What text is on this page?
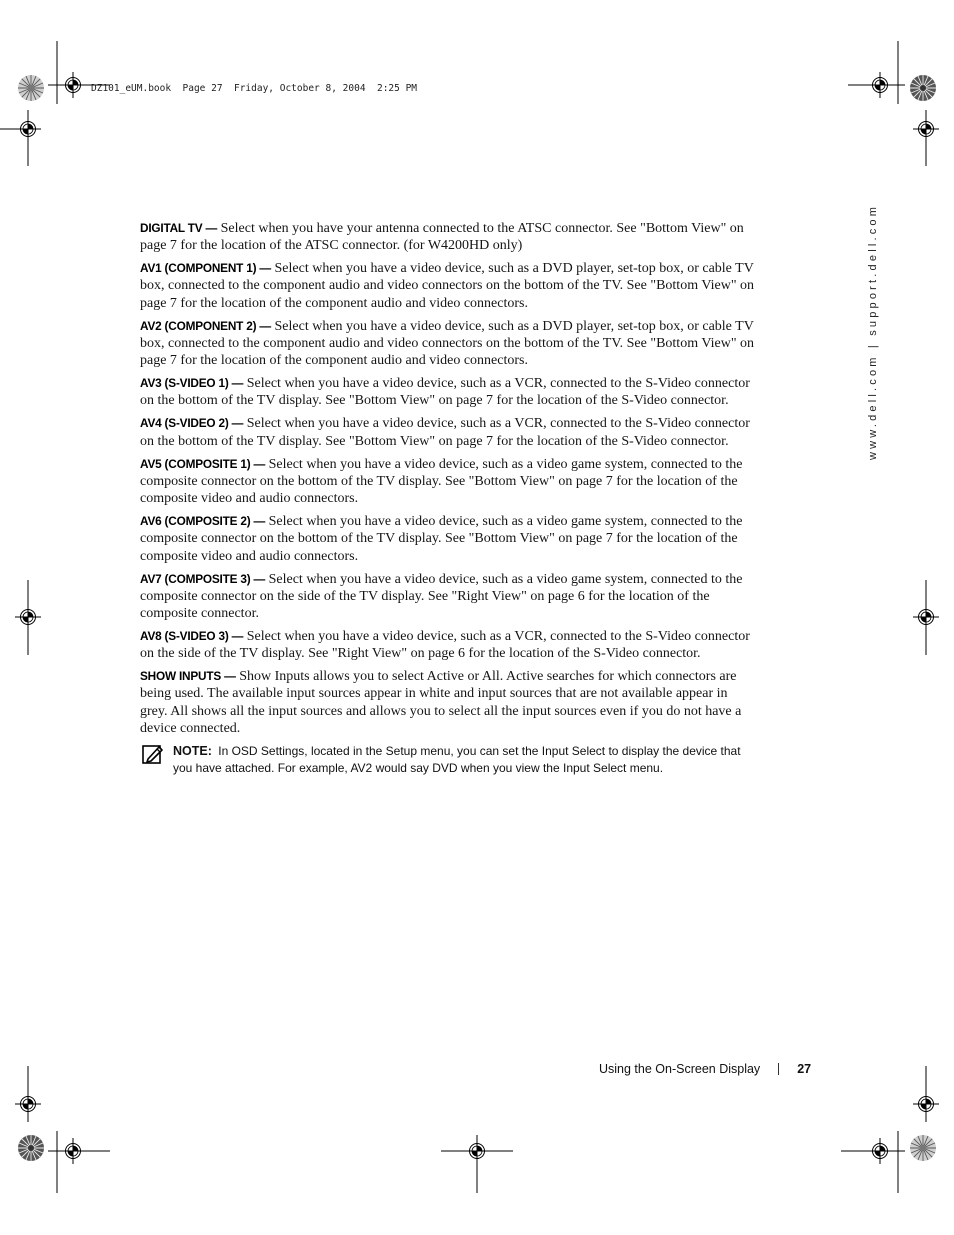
DZ101_eUM.book  Page 27  Friday, October 8, 2004  2:25 PM
www.dell.com | support.dell.com

DIGITAL TV — Select when you have your antenna connected to the ATSC connector. See "Bottom View" on page 7 for the location of the ATSC connector. (for W4200HD only)

AV1 (COMPONENT 1) — Select when you have a video device, such as a DVD player, set-top box, or cable TV box, connected to the component audio and video connectors on the bottom of the TV. See "Bottom View" on page 7 for the location of the component audio and video connectors.

AV2 (COMPONENT 2) — Select when you have a video device, such as a DVD player, set-top box, or cable TV box, connected to the component audio and video connectors on the bottom of the TV. See "Bottom View" on page 7 for the location of the component audio and video connectors.

AV3 (S-VIDEO 1) — Select when you have a video device, such as a VCR, connected to the S-Video connector on the bottom of the TV display. See "Bottom View" on page 7 for the location of the S-Video connector.

AV4 (S-VIDEO 2) — Select when you have a video device, such as a VCR, connected to the S-Video connector on the bottom of the TV display. See "Bottom View" on page 7 for the location of the S-Video connector.

AV5 (COMPOSITE 1) — Select when you have a video device, such as a video game system, connected to the composite connector on the bottom of the TV display. See "Bottom View" on page 7 for the location of the composite video and audio connectors.

AV6 (COMPOSITE 2) — Select when you have a video device, such as a video game system, connected to the composite connector on the bottom of the TV display. See "Bottom View" on page 7 for the location of the composite video and audio connectors.

AV7 (COMPOSITE 3) — Select when you have a video device, such as a video game system, connected to the composite connector on the side of the TV display. See "Right View" on page 6 for the location of the composite connector.

AV8 (S-VIDEO 3) — Select when you have a video device, such as a VCR, connected to the S-Video connector on the side of the TV display. See "Right View" on page 6 for the location of the S-Video connector.

SHOW INPUTS — Show Inputs allows you to select Active or All. Active searches for which connectors are being used. The available input sources appear in white and input sources that are not available appear in grey. All shows all the input sources and allows you to select all the input sources even if you do not have a device connected.

NOTE: In OSD Settings, located in the Setup menu, you can set the Input Select to display the device that you have attached. For example, AV2 would say DVD when you view the Input Select menu.
Using the On-Screen Display	27
